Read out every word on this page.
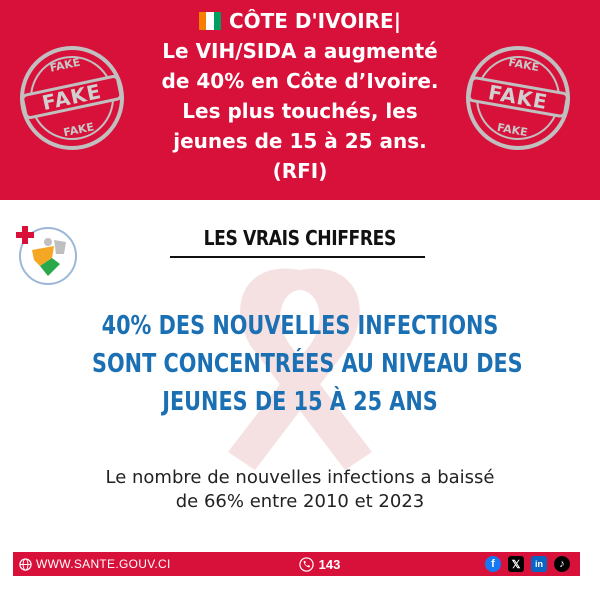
CÔTE D'IVOIRE|
Le VIH/SIDA a augmenté
de 40% en Côte d’Ivoire.
Les plus touchés, les
jeunes de 15 à 25 ans.
(RFI)
FAKE
FAKE
FAKE
FAKE
FAKE
FAKE
LES VRAIS CHIFFRES
40% DES NOUVELLES INFECTIONS
SONT CONCENTRÉES AU NIVEAU DES
JEUNES DE 15 À 25 ANS
Le nombre de nouvelles infections a baissé
de 66% entre 2010 et 2023
WWW.SANTE.GOUV.CI	143	f	𝕏	in	♪
